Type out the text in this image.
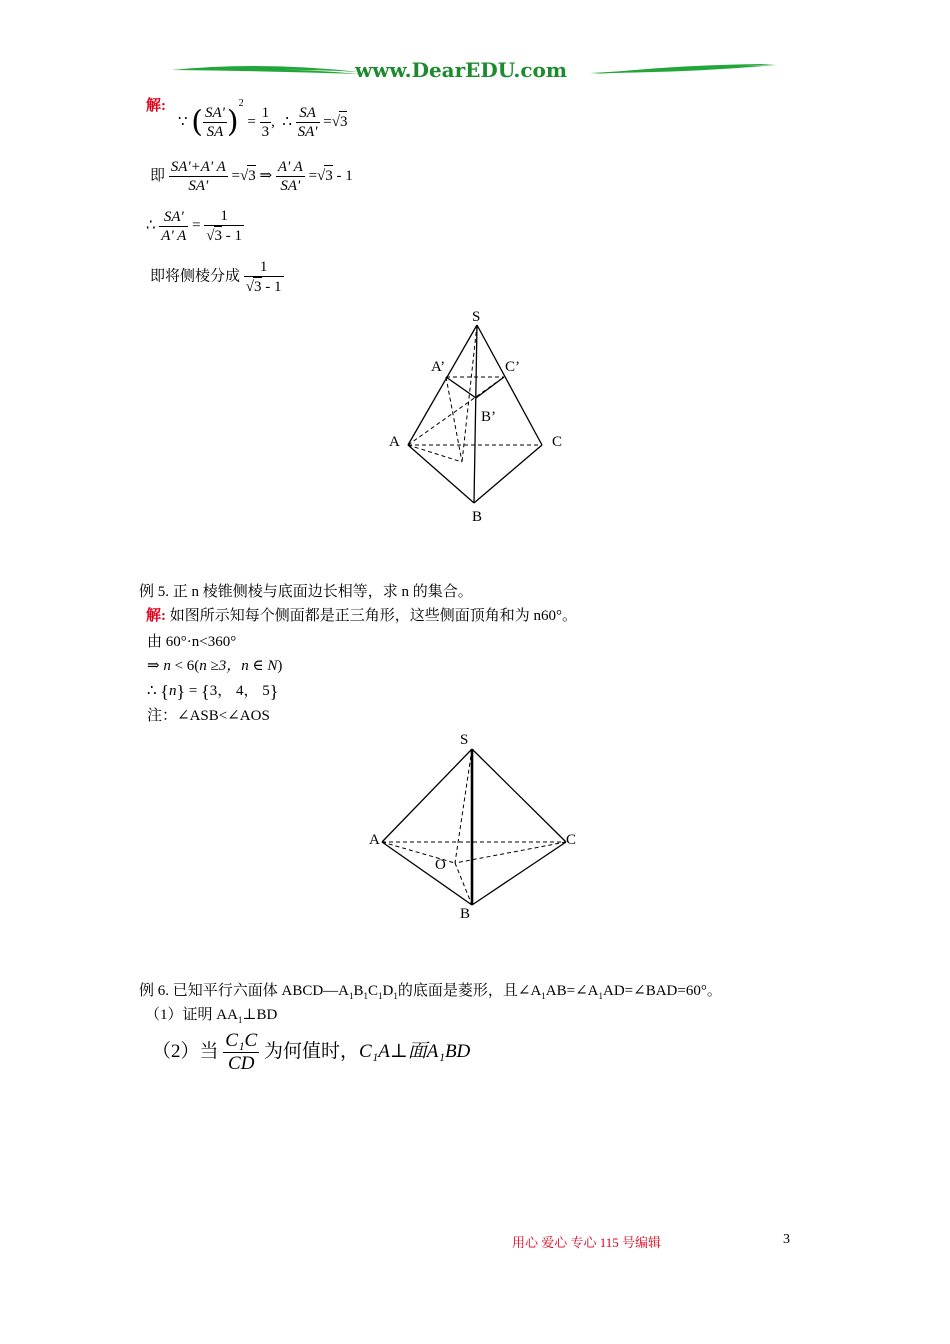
www.DearEDU.com
解:
∵ ( $\frac{SA'}{SA} )^2 = \frac{1}{3}$ , ∴ $\frac{SA}{SA'} =√3$
即 $\frac{SA'+A' A}{SA'} =√3$ ⇒ $\frac{A' A}{SA'} =√3 - 1$
∴ $\frac{SA'}{A' A} = \frac{1}{√3 - 1}$
即将侧棱分成 $\frac{1}{√3 - 1}$
S
A’	C’
B’
A	C
B
例 5. 正 n 棱锥侧棱与底面边长相等，求 n 的集合。
解: 如图所示知每个侧面都是正三角形，这些侧面顶角和为 n60°。
由 60°·n<360°
⇒ n < 6(n ≥3，n ∈ N)
∴ {n} = {3， 4， 5}
注：∠ASB<∠AOS
S
A	C
O
B
例 6. 已知平行六面体 $ABCD—A_1B_1C_1D_1$的底面是菱形，且$\angle A_1AB=\angle A_1AD=\angle BAD=60^\circ$。
（1）证明 $AA_1\perp BD$
（2）当 $\frac{\text{C₁C}}{CD}$ 为何值时，C₁A⊥面A₁BD
用心 爱心 专心 115 号编辑	3
